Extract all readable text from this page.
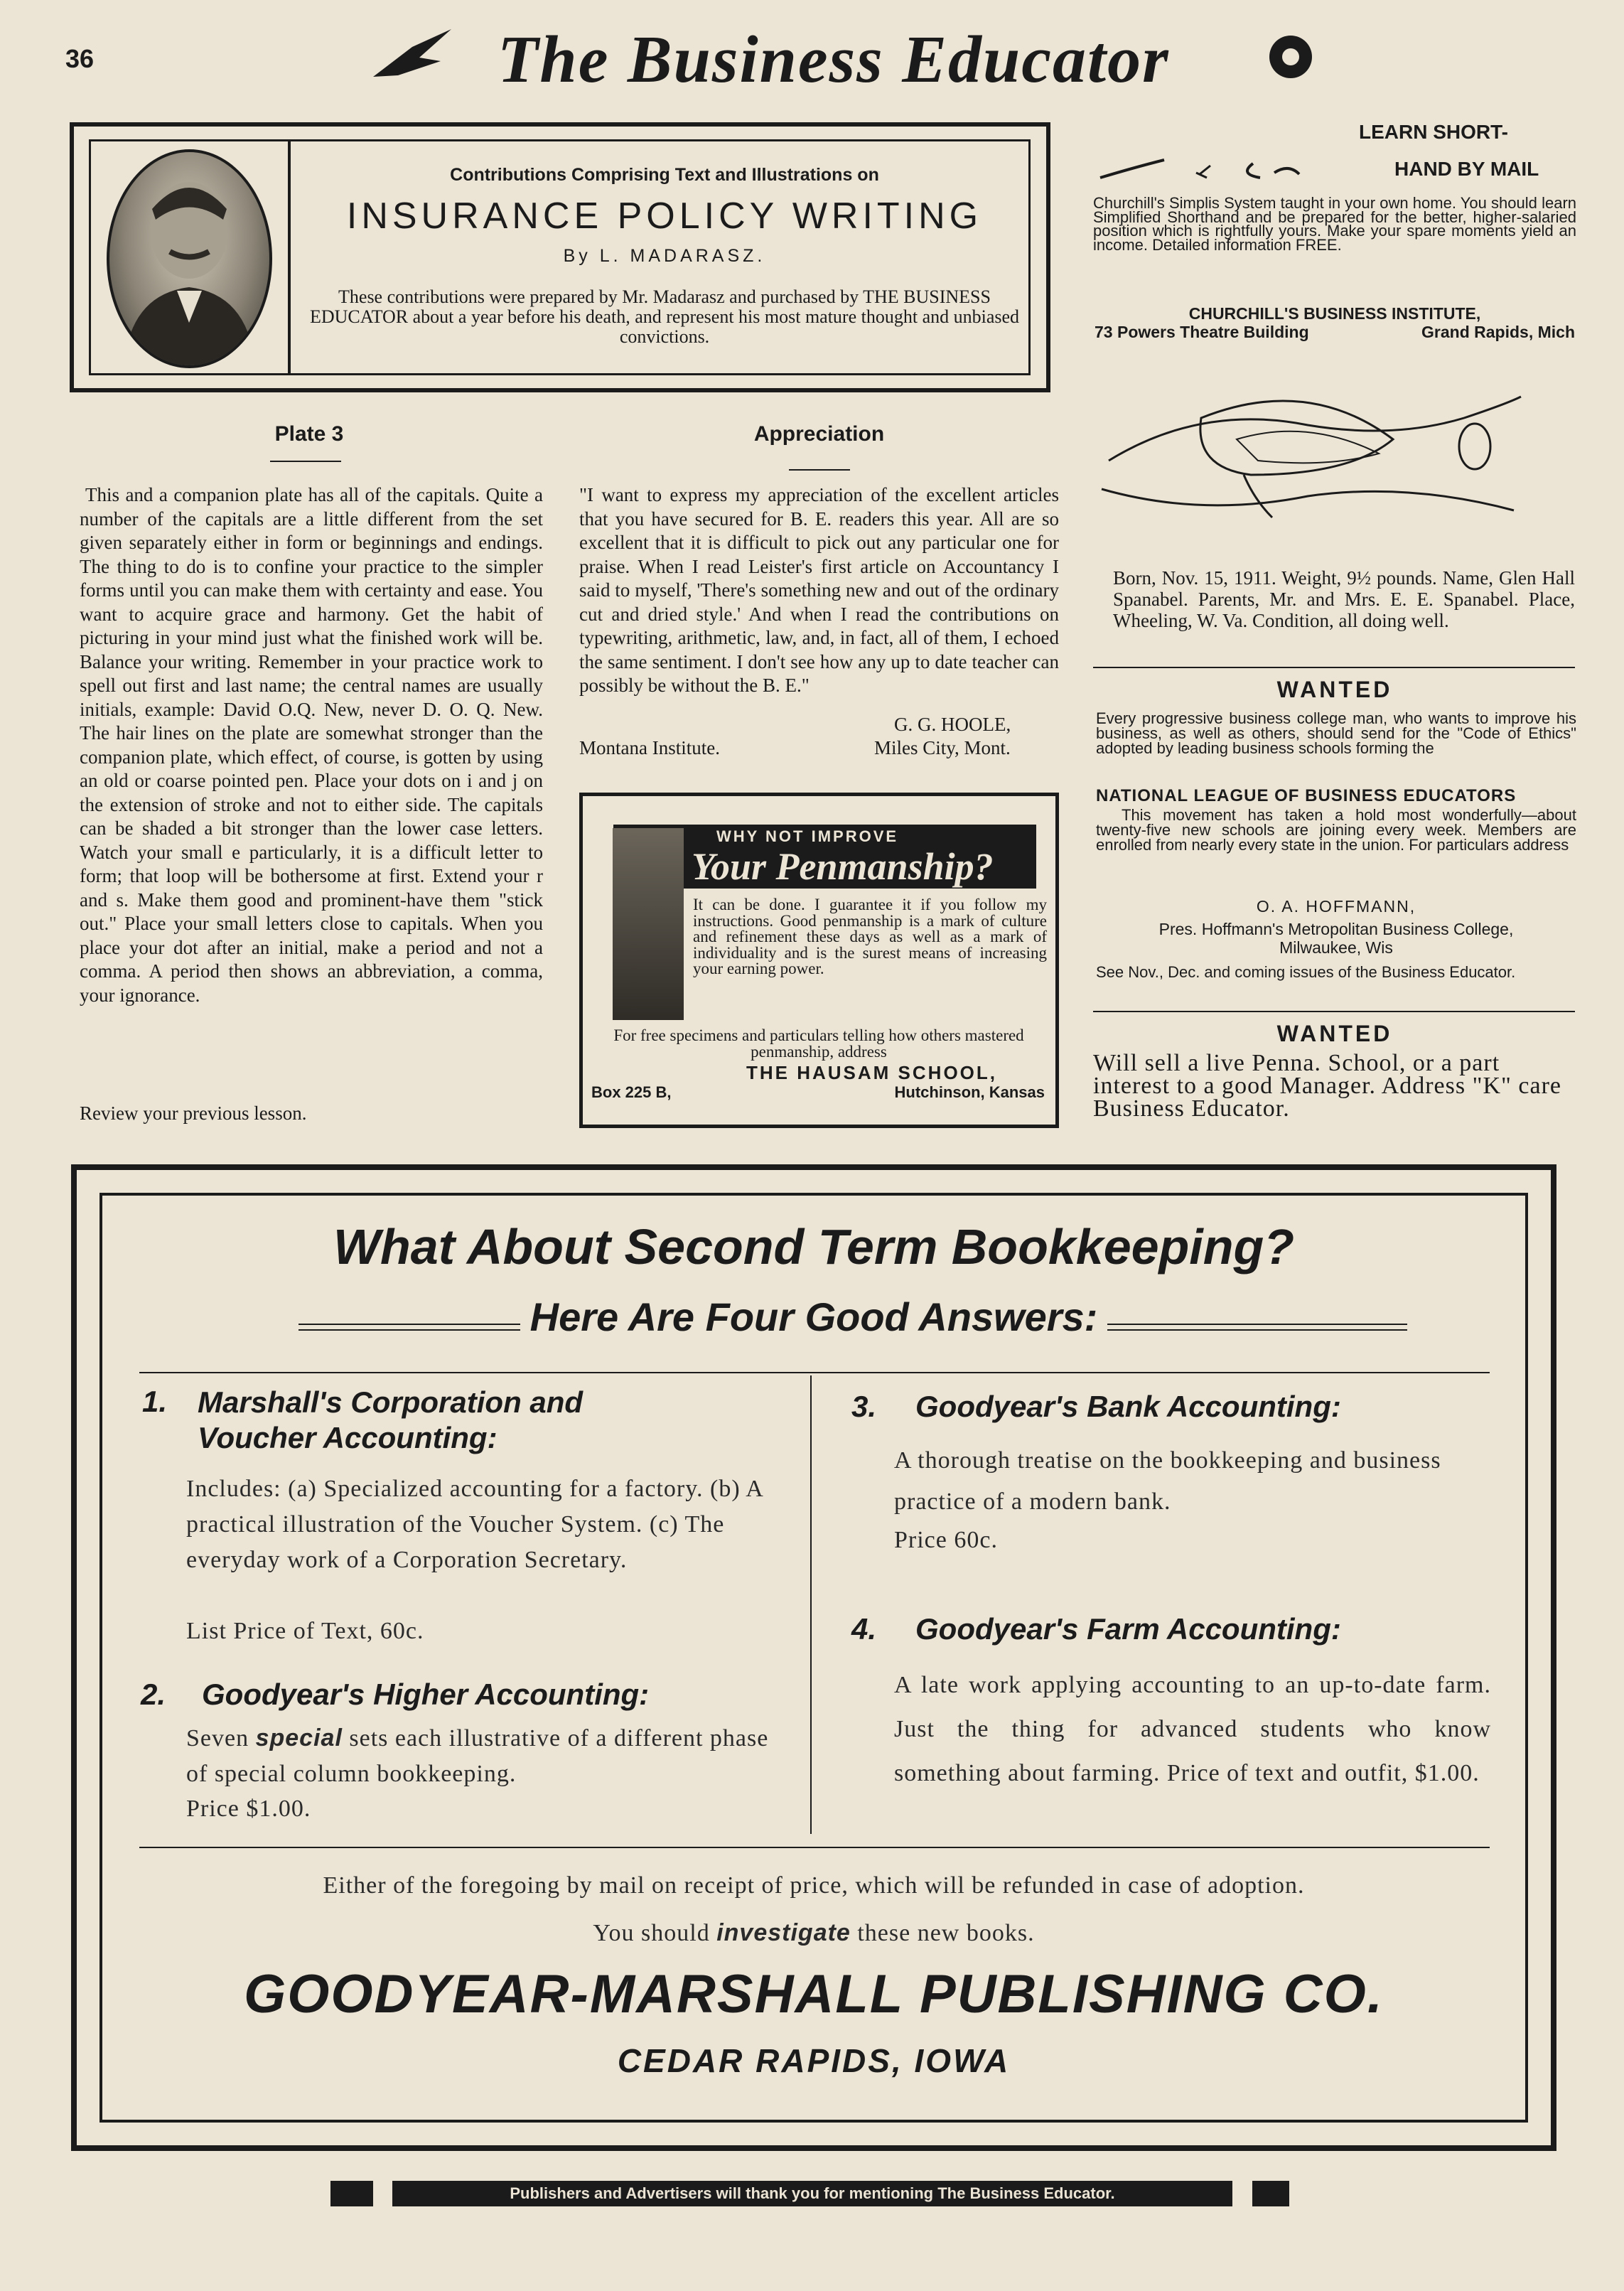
36	The Business Educator
Contributions Comprising Text and Illustrations on
INSURANCE POLICY WRITING
By L. MADARASZ.
These contributions were prepared by Mr. Madarasz and purchased by THE BUSINESS EDUCATOR about a year before his death, and represent his most mature thought and unbiased convictions.
Plate 3
This and a companion plate has all of the capitals. Quite a number of the capitals are a little different from the set given separately either in form or beginnings and endings. The thing to do is to confine your practice to the simpler forms until you can make them with certainty and ease. You want to acquire grace and harmony. Get the habit of picturing in your mind just what the finished work will be. Balance your writing. Remember in your practice work to spell out first and last name; the central names are usually initials, example: David O.Q. New, never D. O. Q. New. The hair lines on the plate are somewhat stronger than the companion plate, which effect, of course, is gotten by using an old or coarse pointed pen. Place your dots on i and j on the extension of stroke and not to either side. The capitals can be shaded a bit stronger than the lower case letters. Watch your small e particularly, it is a difficult letter to form; that loop will be bothersome at first. Extend your r and s. Make them good and prominent-have them "stick out." Place your small letters close to capitals. When you place your dot after an initial, make a period and not a comma. A period then shows an abbreviation, a comma, your ignorance.
Review your previous lesson.
Appreciation
"I want to express my appreciation of the excellent articles that you have secured for B. E. readers this year. All are so excellent that it is difficult to pick out any particular one for praise. When I read Leister's first article on Accountancy I said to myself, 'There's something new and out of the ordinary cut and dried style.' And when I read the contributions on typewriting, arithmetic, law, and, in fact, all of them, I echoed the same sentiment. I don't see how any up to date teacher can possibly be without the B. E."
G. G. HOOLE,
Montana Institute.	Miles City, Mont.
WHY NOT IMPROVE
Your Penmanship?
It can be done. I guarantee it if you follow my instructions. Good penmanship is a mark of culture and refinement these days as well as a mark of individuality and is the surest means of increasing your earning power.
For free specimens and particulars telling how others mastered penmanship, address
THE HAUSAM SCHOOL,
Box 225 B,	Hutchinson, Kansas
LEARN SHORT-
HAND BY MAIL
Churchill's Simplis System taught in your own home. You should learn Simplified Shorthand and be prepared for the better, higher-salaried position which is rightfully yours. Make your spare moments yield an income. Detailed information FREE.
CHURCHILL'S BUSINESS INSTITUTE,
73 Powers Theatre Building	Grand Rapids, Mich
Born, Nov. 15, 1911. Weight, 9½ pounds. Name, Glen Hall Spanabel. Parents, Mr. and Mrs. E. E. Spanabel. Place, Wheeling, W. Va. Condition, all doing well.
WANTED
Every progressive business college man, who wants to improve his business, as well as others, should send for the "Code of Ethics" adopted by leading business schools forming the
NATIONAL LEAGUE OF BUSINESS EDUCATORS
This movement has taken a hold most wonderfully—about twenty-five new schools are joining every week. Members are enrolled from nearly every state in the union. For particulars address
O. A. HOFFMANN,
Pres. Hoffmann's Metropolitan Business College,
Milwaukee, Wis
See Nov., Dec. and coming issues of the Business Educator.
WANTED
Will sell a live Penna. School, or a part interest to a good Manager. Address "K" care Business Educator.
What About Second Term Bookkeeping?
Here Are Four Good Answers:
1. Marshall's Corporation and Voucher Accounting:
Includes: (a) Specialized accounting for a factory. (b) A practical illustration of the Voucher System. (c) The everyday work of a Corporation Secretary.
List Price of Text, 60c.
2. Goodyear's Higher Accounting:
Seven special sets each illustrative of a different phase of special column bookkeeping.
Price $1.00.
3. Goodyear's Bank Accounting:
A thorough treatise on the bookkeeping and business practice of a modern bank.
Price 60c.
4. Goodyear's Farm Accounting:
A late work applying accounting to an up-to-date farm. Just the thing for advanced students who know something about farming. Price of text and outfit, $1.00.
Either of the foregoing by mail on receipt of price, which will be refunded in case of adoption.
You should investigate these new books.
GOODYEAR-MARSHALL PUBLISHING CO.
CEDAR RAPIDS, IOWA
Publishers and Advertisers will thank you for mentioning The Business Educator.
